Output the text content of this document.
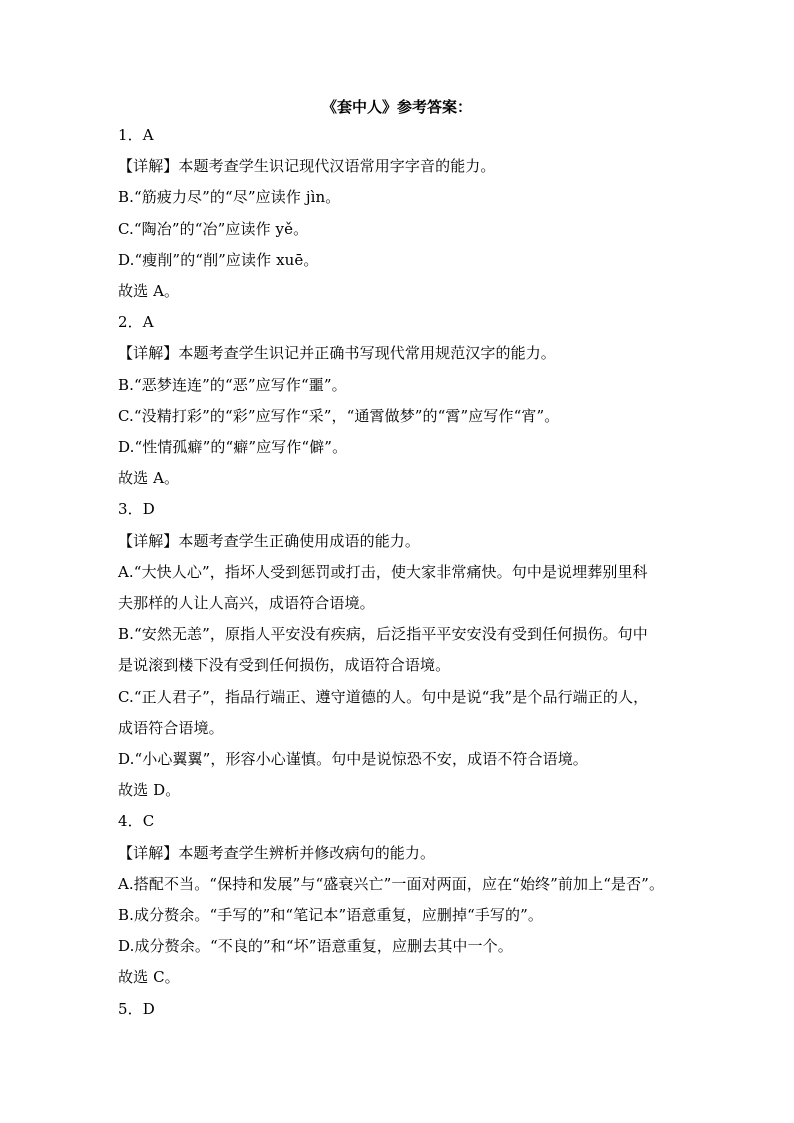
《套中人》参考答案：
1．A
【详解】本题考查学生识记现代汉语常用字字音的能力。
B.“筋疲力尽”的“尽”应读作 jìn。
C.“陶冶”的“冶”应读作 yě。
D.“瘦削”的“削”应读作 xuē。
故选 A。
2．A
【详解】本题考查学生识记并正确书写现代常用规范汉字的能力。
B.“恶梦连连”的“恶”应写作“噩”。
C.“没精打彩”的“彩”应写作“采”，“通霄做梦”的“霄”应写作“宵”。
D.“性情孤癖”的“癖”应写作“僻”。
故选 A。
3．D
【详解】本题考查学生正确使用成语的能力。
A.“大快人心”，指坏人受到惩罚或打击，使大家非常痛快。句中是说埋葬别里科
夫那样的人让人高兴，成语符合语境。
B.“安然无恙”，原指人平安没有疾病，后泛指平平安安没有受到任何损伤。句中
是说滚到楼下没有受到任何损伤，成语符合语境。
C.“正人君子”，指品行端正、遵守道德的人。句中是说“我”是个品行端正的人，
成语符合语境。
D.“小心翼翼”，形容小心谨慎。句中是说惊恐不安，成语不符合语境。
故选 D。
4．C
【详解】本题考查学生辨析并修改病句的能力。
A.搭配不当。“保持和发展”与“盛衰兴亡”一面对两面，应在“始终”前加上“是否”。
B.成分赘余。“手写的”和“笔记本”语意重复，应删掉“手写的”。
D.成分赘余。“不良的”和“坏”语意重复，应删去其中一个。
故选 C。
5．D
